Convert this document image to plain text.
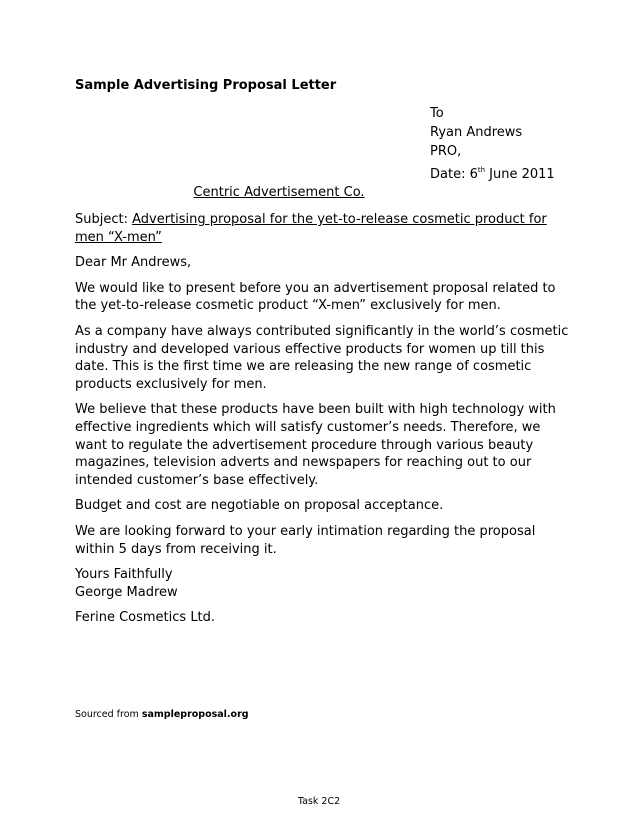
Sample Advertising Proposal Letter
To
Ryan Andrews
PRO,
Date: 6th June 2011
Centric Advertisement Co.

Subject: Advertising proposal for the yet-to-release cosmetic product for men “X-men”

Dear Mr Andrews,

We would like to present before you an advertisement proposal related to the yet-to-release cosmetic product “X-men” exclusively for men.

As a company have always contributed significantly in the world’s cosmetic industry and developed various effective products for women up till this date. This is the first time we are releasing the new range of cosmetic products exclusively for men.

We believe that these products have been built with high technology with effective ingredients which will satisfy customer’s needs. Therefore, we want to regulate the advertisement procedure through various beauty magazines, television adverts and newspapers for reaching out to our intended customer’s base effectively.

Budget and cost are negotiable on proposal acceptance.

We are looking forward to your early intimation regarding the proposal within 5 days from receiving it.

Yours Faithfully
George Madrew

Ferine Cosmetics Ltd.

Sourced from sampleproposal.org
Task 2C2
